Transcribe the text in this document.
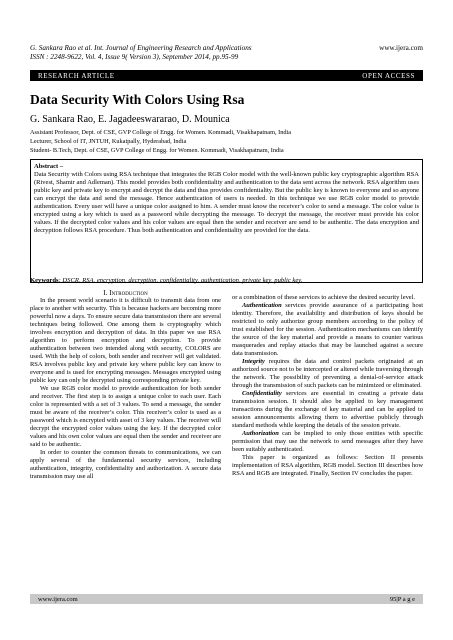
G. Sankara Rao et al. Int. Journal of Engineering Research and Applications	www.ijera.com
ISSN : 2248-9622, Vol. 4, Issue 9( Version 3), September 2014, pp.95-99
RESEARCH ARTICLE	OPEN ACCESS
Data Security With Colors Using Rsa
G. Sankara Rao, E. Jagadeeswararao, D. Mounica
Assistant Professor, Dept. of CSE, GVP College of Engg. for Women. Kommadi, Visakhapatnam, India
Lecturer, School of IT, JNTUH, Kukatpally, Hyderabad, India
Student- B.Tech, Dept. of CSE, GVP College of Engg. for Women. Kommadi, Visakhapatnam, India
Abstract –
Data Security with Colors using RSA technique that integrates the RGB Color model with the well-known public key cryptographic algorithm RSA (Rivest, Shamir and Adleman). This model provides both confidentiality and authentication to the data sent across the network. RSA algorithm uses public key and private key to encrypt and decrypt the data and thus provides confidentiality. But the public key is known to everyone and so anyone can encrypt the data and send the message. Hence authentication of users is needed. In this technique we use RGB color model to provide authentication. Every user will have a unique color assigned to him. A sender must know the receiver’s color to send a message. The color value is encrypted using a key which is used as a password while decrypting the message. To decrypt the message, the receiver must provide his color values. If the decrypted color values and his color values are equal then the sender and receiver are send to be authentic. The data encryption and decryption follows RSA procedure. Thus both authentication and confidentiality are provided for the data.
Keywords: DSCR, RSA, encryption, decryption, confidentiality, authentication, private key, public key.
I. Introduction

In the present world scenario it is difficult to transmit data from one place to another with security. This is because hackers are becoming more powerful now a days. To ensure secure data transmission there are several techniques being followed. One among them is cryptography which involves encryption and decryption of data. In this paper we use RSA algorithm to perform encryption and decryption. To provide authentication between two intended along with security, COLORS are used. With the help of colors, both sender and receiver will get validated. RSA involves public key and private key where public key can know to everyone and is used for encrypting messages. Messages encrypted using public key can only be decrypted using corresponding private key.

We use RGB color model to provide authentication for both sender and receiver. The first step is to assign a unique color to each user. Each color is represented with a set of 3 values. To send a message, the sender must be aware of the receiver’s color. This receiver’s color is used as a password which is encrypted with asset of 3 key values. The receiver will decrypt the encrypted color values using the key. If the decrypted color values and his own color values are equal then the sender and receiver are said to be authentic.

In order to counter the common threats to communications, we can apply several of the fundamental security services, including authentication, integrity, confidentiality and authorization. A secure data transmission may use all

or a combination of these services to achieve the desired security level.

Authentication services provide assurance of a participating host identity. Therefore, the availability and distribution of keys should be restricted to only authorize group members according to the policy of trust established for the session. Authentication mechanisms can identify the source of the key material and provide a means to counter various masquerades and replay attacks that may be launched against a secure data transmission.

Integrity requires the data and control packets originated at an authorized source not to be intercepted or altered while traversing through the network. The possibility of preventing a denial-of-service attack through the transmission of such packets can be minimized or eliminated.

Confidentiality services are essential in creating a private data transmission session. It should also be applied to key management transactions during the exchange of key material and can be applied to session announcements allowing them to advertise publicly through standard methods while keeping the details of the session private.

Authorization can be implied to only those entities with specific permission that may use the network to send messages after they have been suitably authenticated.

This paper is organized as follows: Section II presents implementation of RSA algorithm, RGB model. Section III describes how RSA and RGB are integrated. Finally, Section IV concludes the paper.

www.ijera.com	95|P a g e
